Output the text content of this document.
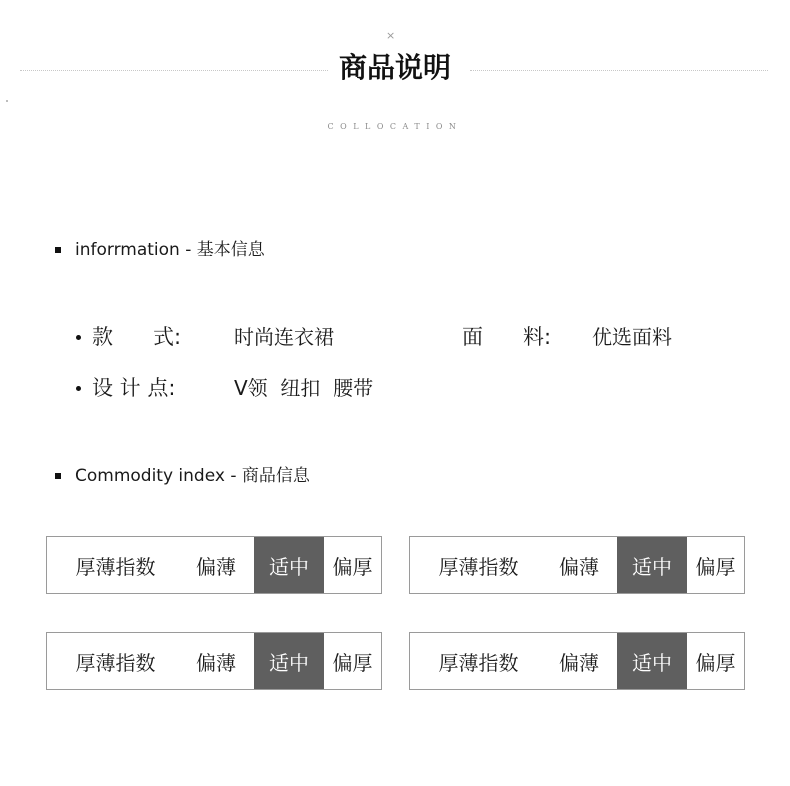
×
商品说明
COLLOCATION
inforrmation - 基本信息
款      式:	时尚连衣裙	面      料:	优选面料
设 计 点:	V领  纽扣  腰带
Commodity index - 商品信息
厚薄指数	偏薄	适中	偏厚	厚薄指数	偏薄	适中	偏厚
厚薄指数	偏薄	适中	偏厚	厚薄指数	偏薄	适中	偏厚
